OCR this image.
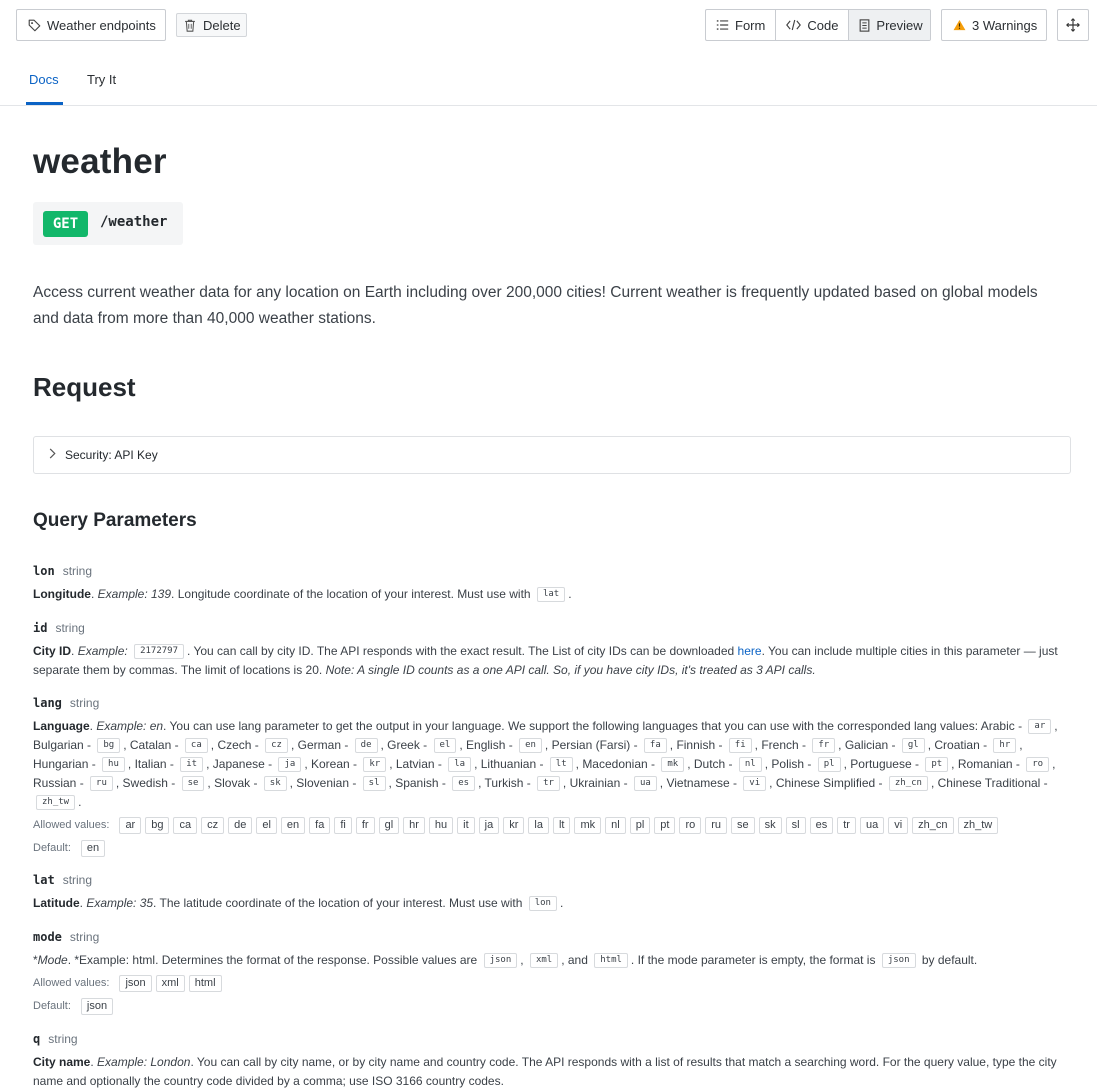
Weather endpoints	Delete	Form	Code	Preview	3 Warnings
Docs Try It
weather
GET	/weather

Access current weather data for any location on Earth including over 200,000 cities! Current weather is frequently updated based on global models and data from more than 40,000 weather stations.

Request
Security: API Key
Query Parameters
lon string
Longitude. Example: 139. Longitude coordinate of the location of your interest. Must use with lat .
id string
City ID. Example: 2172797 . You can call by city ID. The API responds with the exact result. The List of city IDs can be downloaded here. You can include multiple cities in this parameter — just separate them by commas. The limit of locations is 20. Note: A single ID counts as a one API call. So, if you have city IDs, it's treated as 3 API calls.
lang string
Language. Example: en. You can use lang parameter to get the output in your language. We support the following languages that you can use with the corresponded lang values: Arabic - ar , Bulgarian - bg , Catalan - ca , Czech - cz , German - de , Greek - el , English - en , Persian (Farsi) - fa , Finnish - fi , French - fr , Galician - gl , Croatian - hr , Hungarian - hu , Italian - it , Japanese - ja , Korean - kr , Latvian - la , Lithuanian - lt , Macedonian - mk , Dutch - nl , Polish - pl , Portuguese - pt , Romanian - ro , Russian - ru , Swedish - se , Slovak - sk , Slovenian - sl , Spanish - es , Turkish - tr , Ukrainian - ua , Vietnamese - vi , Chinese Simplified - zh_cn , Chinese Traditional - zh_tw .
Allowed values:	ar	bg	ca	cz	de	el	en	fa	fi	fr	gl	hr	hu	it	ja	kr	la	lt	mk	nl	pl	pt	ro	ru	se	sk	sl	es	tr	ua	vi	zh_cn	zh_tw
Default:	en
lat string
Latitude. Example: 35. The latitude coordinate of the location of your interest. Must use with lon .
mode string
*Mode. *Example: html. Determines the format of the response. Possible values are json , xml , and html . If the mode parameter is empty, the format is json by default.
Allowed values:	json	xml	html
Default:	json
q string
City name. Example: London. You can call by city name, or by city name and country code. The API responds with a list of results that match a searching word. For the query value, type the city name and optionally the country code divided by a comma; use ISO 3166 country codes.
